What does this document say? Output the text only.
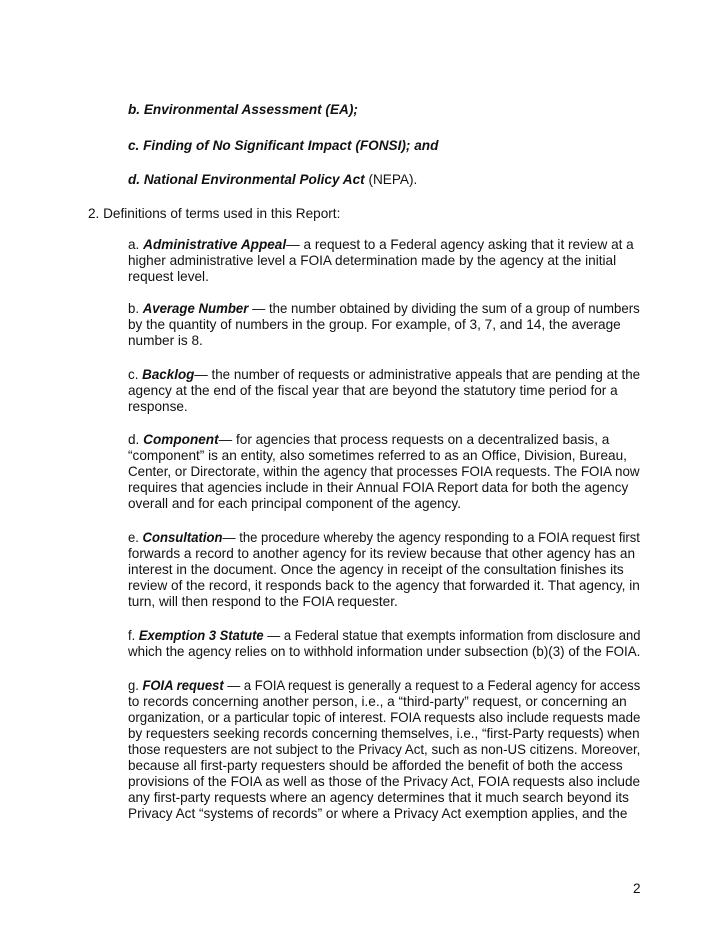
b. Environmental Assessment (EA);
c. Finding of No Significant Impact (FONSI); and
d. National Environmental Policy Act (NEPA).
2. Definitions of terms used in this Report:
a. Administrative Appeal— a request to a Federal agency asking that it review at a
higher administrative level a FOIA determination made by the agency at the initial
request level.
b. Average Number — the number obtained by dividing the sum of a group of numbers
by the quantity of numbers in the group. For example, of 3, 7, and 14, the average
number is 8.
c. Backlog— the number of requests or administrative appeals that are pending at the
agency at the end of the fiscal year that are beyond the statutory time period for a
response.
d. Component— for agencies that process requests on a decentralized basis, a
“component” is an entity, also sometimes referred to as an Office, Division, Bureau,
Center, or Directorate, within the agency that processes FOIA requests. The FOIA now
requires that agencies include in their Annual FOIA Report data for both the agency
overall and for each principal component of the agency.
e. Consultation— the procedure whereby the agency responding to a FOIA request first
forwards a record to another agency for its review because that other agency has an
interest in the document. Once the agency in receipt of the consultation finishes its
review of the record, it responds back to the agency that forwarded it. That agency, in
turn, will then respond to the FOIA requester.
f. Exemption 3 Statute — a Federal statue that exempts information from disclosure and
which the agency relies on to withhold information under subsection (b)(3) of the FOIA.
g. FOIA request — a FOIA request is generally a request to a Federal agency for access
to records concerning another person, i.e., a “third-party” request, or concerning an
organization, or a particular topic of interest. FOIA requests also include requests made
by requesters seeking records concerning themselves, i.e., “first-Party requests) when
those requesters are not subject to the Privacy Act, such as non-US citizens. Moreover,
because all first-party requesters should be afforded the benefit of both the access
provisions of the FOIA as well as those of the Privacy Act, FOIA requests also include
any first-party requests where an agency determines that it much search beyond its
Privacy Act “systems of records” or where a Privacy Act exemption applies, and the
2
